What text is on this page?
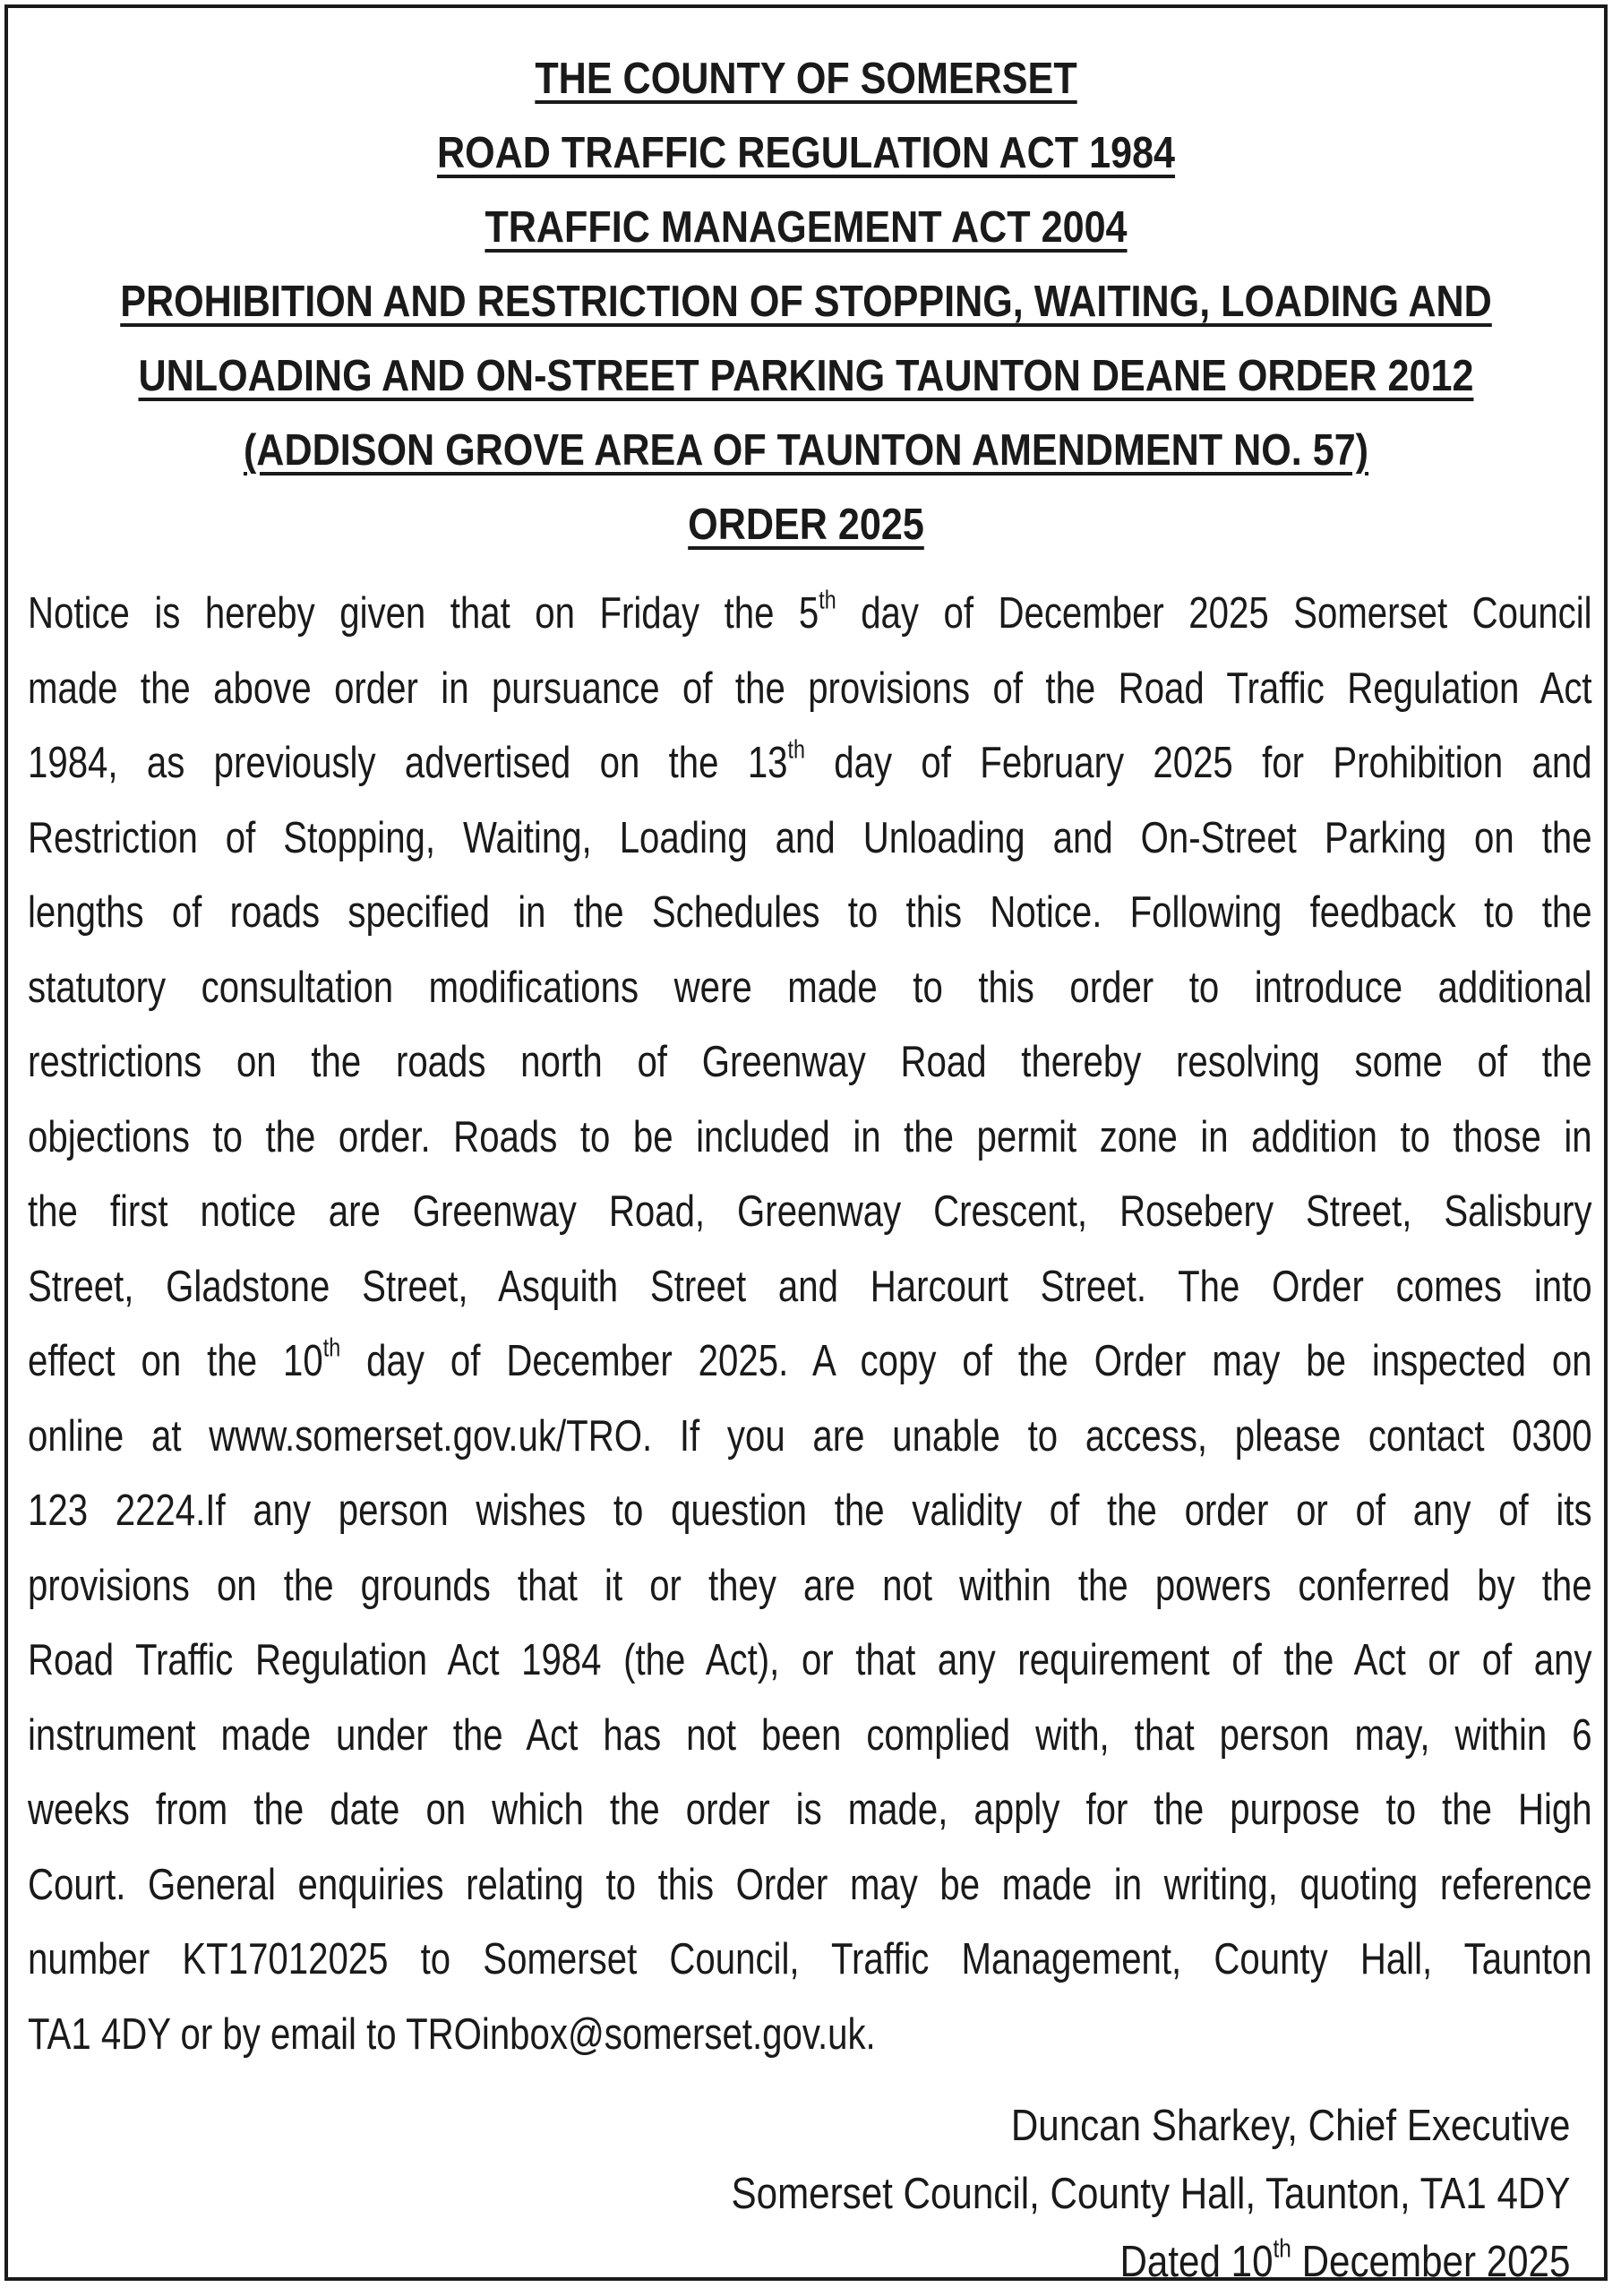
THE COUNTY OF SOMERSET
ROAD TRAFFIC REGULATION ACT 1984
TRAFFIC MANAGEMENT ACT 2004
PROHIBITION AND RESTRICTION OF STOPPING, WAITING, LOADING AND
UNLOADING AND ON-STREET PARKING TAUNTON DEANE ORDER 2012
(ADDISON GROVE AREA OF TAUNTON AMENDMENT NO. 57)
ORDER 2025
Notice is hereby given that on Friday the 5th day of December 2025 Somerset Council
made the above order in pursuance of the provisions of the Road Traffic Regulation Act
1984, as previously advertised on the 13th day of February 2025 for Prohibition and
Restriction of Stopping, Waiting, Loading and Unloading and On-Street Parking on the
lengths of roads specified in the Schedules to this Notice. Following feedback to the
statutory consultation modifications were made to this order to introduce additional
restrictions on the roads north of Greenway Road thereby resolving some of the
objections to the order. Roads to be included in the permit zone in addition to those in
the first notice are Greenway Road, Greenway Crescent, Rosebery Street, Salisbury
Street, Gladstone Street, Asquith Street and Harcourt Street. The Order comes into
effect on the 10th day of December 2025. A copy of the Order may be inspected on
online at www.somerset.gov.uk/TRO. If you are unable to access, please contact 0300
123 2224.If any person wishes to question the validity of the order or of any of its
provisions on the grounds that it or they are not within the powers conferred by the
Road Traffic Regulation Act 1984 (the Act), or that any requirement of the Act or of any
instrument made under the Act has not been complied with, that person may, within 6
weeks from the date on which the order is made, apply for the purpose to the High
Court. General enquiries relating to this Order may be made in writing, quoting reference
number KT17012025 to Somerset Council, Traffic Management, County Hall, Taunton
TA1 4DY or by email to TROinbox@somerset.gov.uk.
Duncan Sharkey, Chief Executive
Somerset Council, County Hall, Taunton, TA1 4DY
Dated 10th December 2025
